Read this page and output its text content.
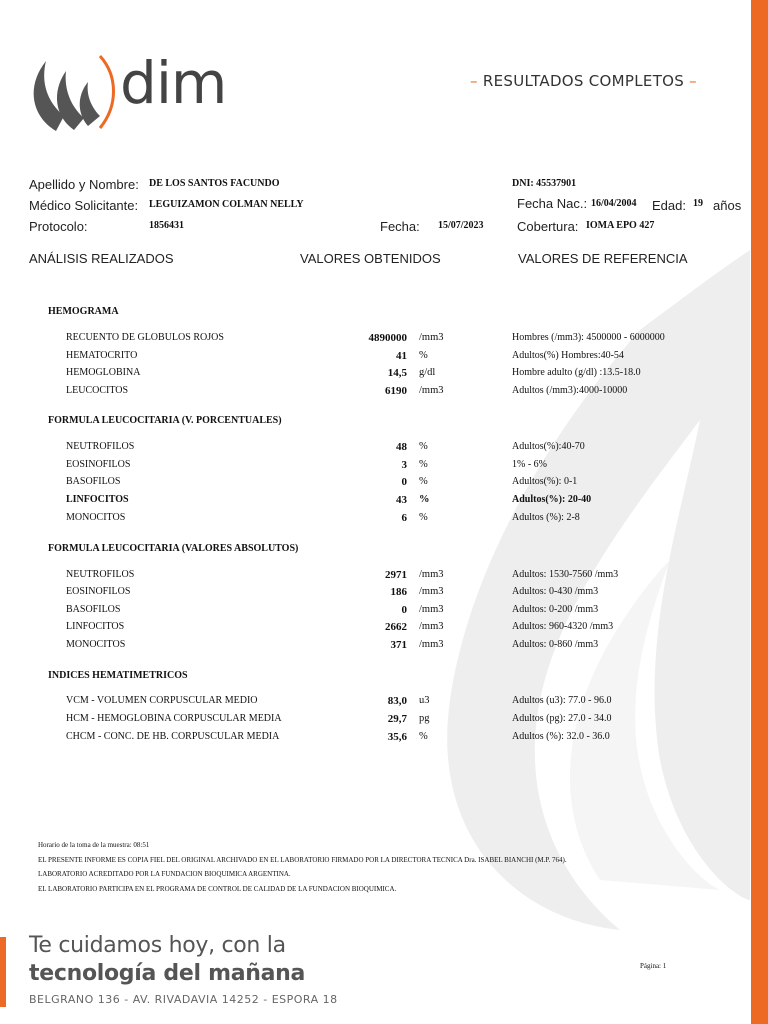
dim	– RESULTADOS COMPLETOS –
Apellido y Nombre: DE LOS SANTOS FACUNDO	DNI: 45537901
Médico Solicitante: LEGUIZAMON COLMAN NELLY	Fecha Nac.: 16/04/2004 Edad: 19 años
Protocolo:	1856431	Fecha: 15/07/2023	Cobertura: IOMA EPO 427
ANÁLISIS REALIZADOS	VALORES OBTENIDOS	VALORES DE REFERENCIA
HEMOGRAMA
RECUENTO DE GLOBULOS ROJOS	4890000 /mm3	Hombres (/mm3): 4500000 - 6000000
HEMATOCRITO	41 %	Adultos(%) Hombres:40-54
HEMOGLOBINA	14,5 g/dl	Hombre adulto (g/dl) :13.5-18.0
LEUCOCITOS	6190 /mm3	Adultos (/mm3):4000-10000
FORMULA LEUCOCITARIA (V. PORCENTUALES)
NEUTROFILOS	48 %	Adultos(%):40-70
EOSINOFILOS	3 %	1% - 6%
BASOFILOS	0 %	Adultos(%): 0-1
LINFOCITOS	43 %	Adultos(%): 20-40
MONOCITOS	6 %	Adultos (%): 2-8
FORMULA LEUCOCITARIA (VALORES ABSOLUTOS)
NEUTROFILOS	2971 /mm3	Adultos: 1530-7560 /mm3
EOSINOFILOS	186 /mm3	Adultos: 0-430 /mm3
BASOFILOS	0 /mm3	Adultos: 0-200 /mm3
LINFOCITOS	2662 /mm3	Adultos: 960-4320 /mm3
MONOCITOS	371 /mm3	Adultos: 0-860 /mm3
INDICES HEMATIMETRICOS
VCM - VOLUMEN CORPUSCULAR MEDIO	83,0 u3	Adultos (u3): 77.0 - 96.0
HCM - HEMOGLOBINA CORPUSCULAR MEDIA	29,7 pg	Adultos (pg): 27.0 - 34.0
CHCM - CONC. DE HB. CORPUSCULAR MEDIA	35,6 %	Adultos (%): 32.0 - 36.0
Horario de la toma de la muestra: 08:51
EL PRESENTE INFORME ES COPIA FIEL DEL ORIGINAL ARCHIVADO EN EL LABORATORIO FIRMADO POR LA DIRECTORA TECNICA Dra. ISABEL BIANCHI (M.P. 764).
LABORATORIO ACREDITADO POR LA FUNDACION BIOQUIMICA ARGENTINA.
EL LABORATORIO PARTICIPA EN EL PROGRAMA DE CONTROL DE CALIDAD DE LA FUNDACION BIOQUIMICA.
Te cuidamos hoy, con la
tecnología del mañana
BELGRANO 136 - AV. RIVADAVIA 14252 - ESPORA 18
Página: 1
